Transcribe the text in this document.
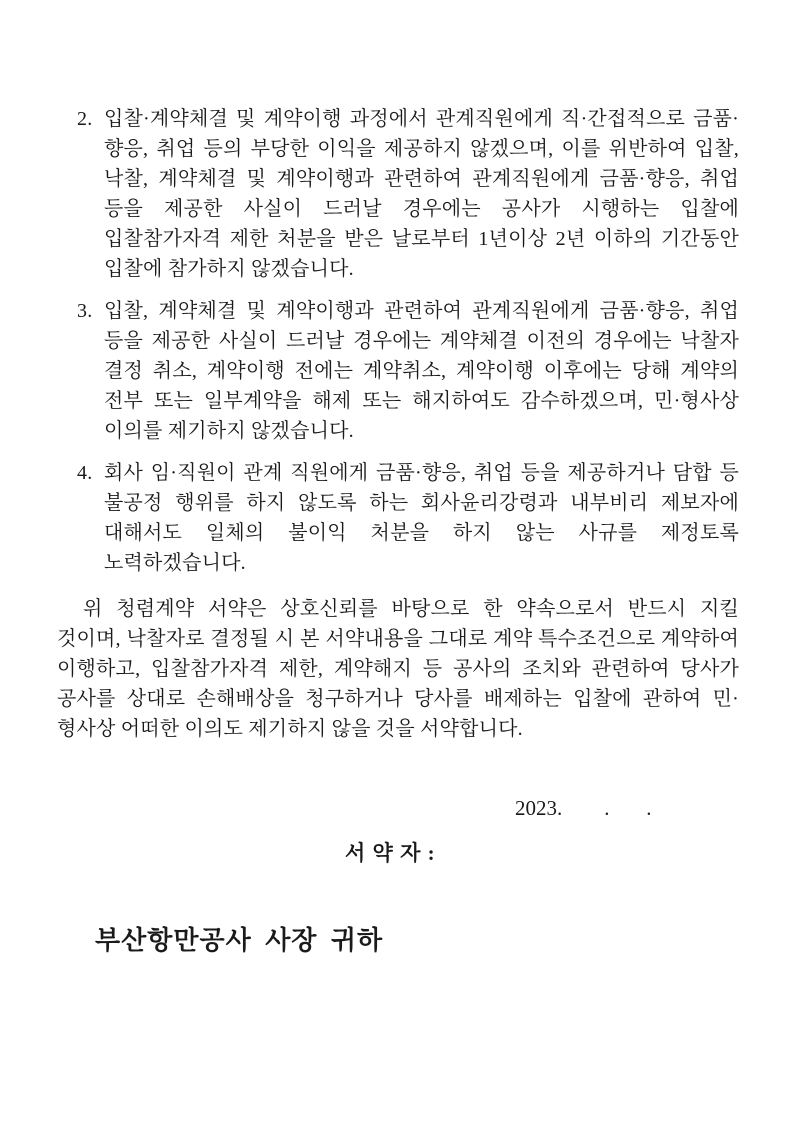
2. 입찰·계약체결 및 계약이행 과정에서 관계직원에게 직·간접적으로 금품·향응, 취업 등의 부당한 이익을 제공하지 않겠으며, 이를 위반하여 입찰, 낙찰, 계약체결 및 계약이행과 관련하여 관계직원에게 금품·향응, 취업 등을 제공한 사실이 드러날 경우에는 공사가 시행하는 입찰에 입찰참가자격 제한 처분을 받은 날로부터 1년이상 2년 이하의 기간동안 입찰에 참가하지 않겠습니다.
3. 입찰, 계약체결 및 계약이행과 관련하여 관계직원에게 금품·향응, 취업 등을 제공한 사실이 드러날 경우에는 계약체결 이전의 경우에는 낙찰자 결정 취소, 계약이행 전에는 계약취소, 계약이행 이후에는 당해 계약의 전부 또는 일부계약을 해제 또는 해지하여도 감수하겠으며, 민·형사상 이의를 제기하지 않겠습니다.
4. 회사 임·직원이 관계 직원에게 금품·향응, 취업 등을 제공하거나 담합 등 불공정 행위를 하지 않도록 하는 회사윤리강령과 내부비리 제보자에 대해서도 일체의 불이익 처분을 하지 않는 사규를 제정토록 노력하겠습니다.

위 청렴계약 서약은 상호신뢰를 바탕으로 한 약속으로서 반드시 지킬 것이며, 낙찰자로 결정될 시 본 서약내용을 그대로 계약 특수조건으로 계약하여 이행하고, 입찰참가자격 제한, 계약해지 등 공사의 조치와 관련하여 당사가 공사를 상대로 손해배상을 청구하거나 당사를 배제하는 입찰에 관하여 민·형사상 어떠한 이의도 제기하지 않을 것을 서약합니다.

2023.        .       .
서 약 자 :
부산항만공사 사장 귀하
